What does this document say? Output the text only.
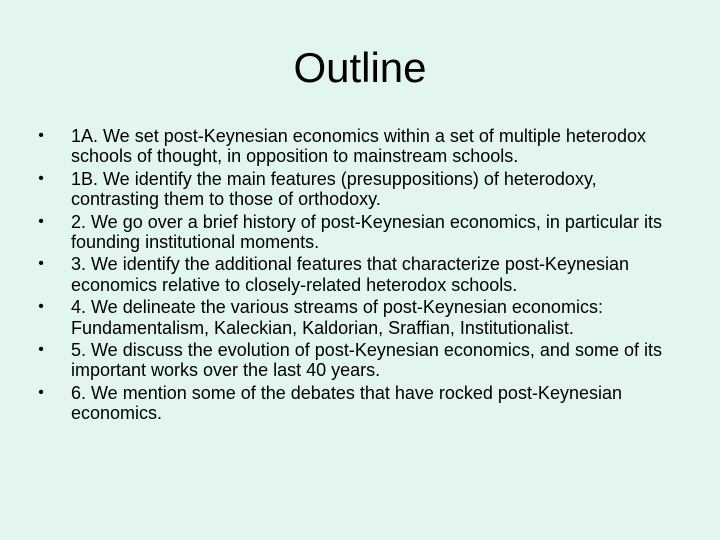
Outline
•	1A. We set post-Keynesian economics within a set of multiple heterodox schools of thought, in opposition to mainstream schools.
•	1B. We identify the main features (presuppositions) of heterodoxy, contrasting them to those of orthodoxy.
•	2. We go over a brief history of post-Keynesian economics, in particular its founding institutional moments.
•	3. We identify the additional features that characterize post-Keynesian economics relative to closely-related heterodox schools.
•	4. We delineate the various streams of post-Keynesian economics: Fundamentalism, Kaleckian, Kaldorian, Sraffian, Institutionalist.
•	5. We discuss the evolution of post-Keynesian economics, and some of its important works over the last 40 years.
•	6. We mention some of the debates that have rocked post-Keynesian economics.
